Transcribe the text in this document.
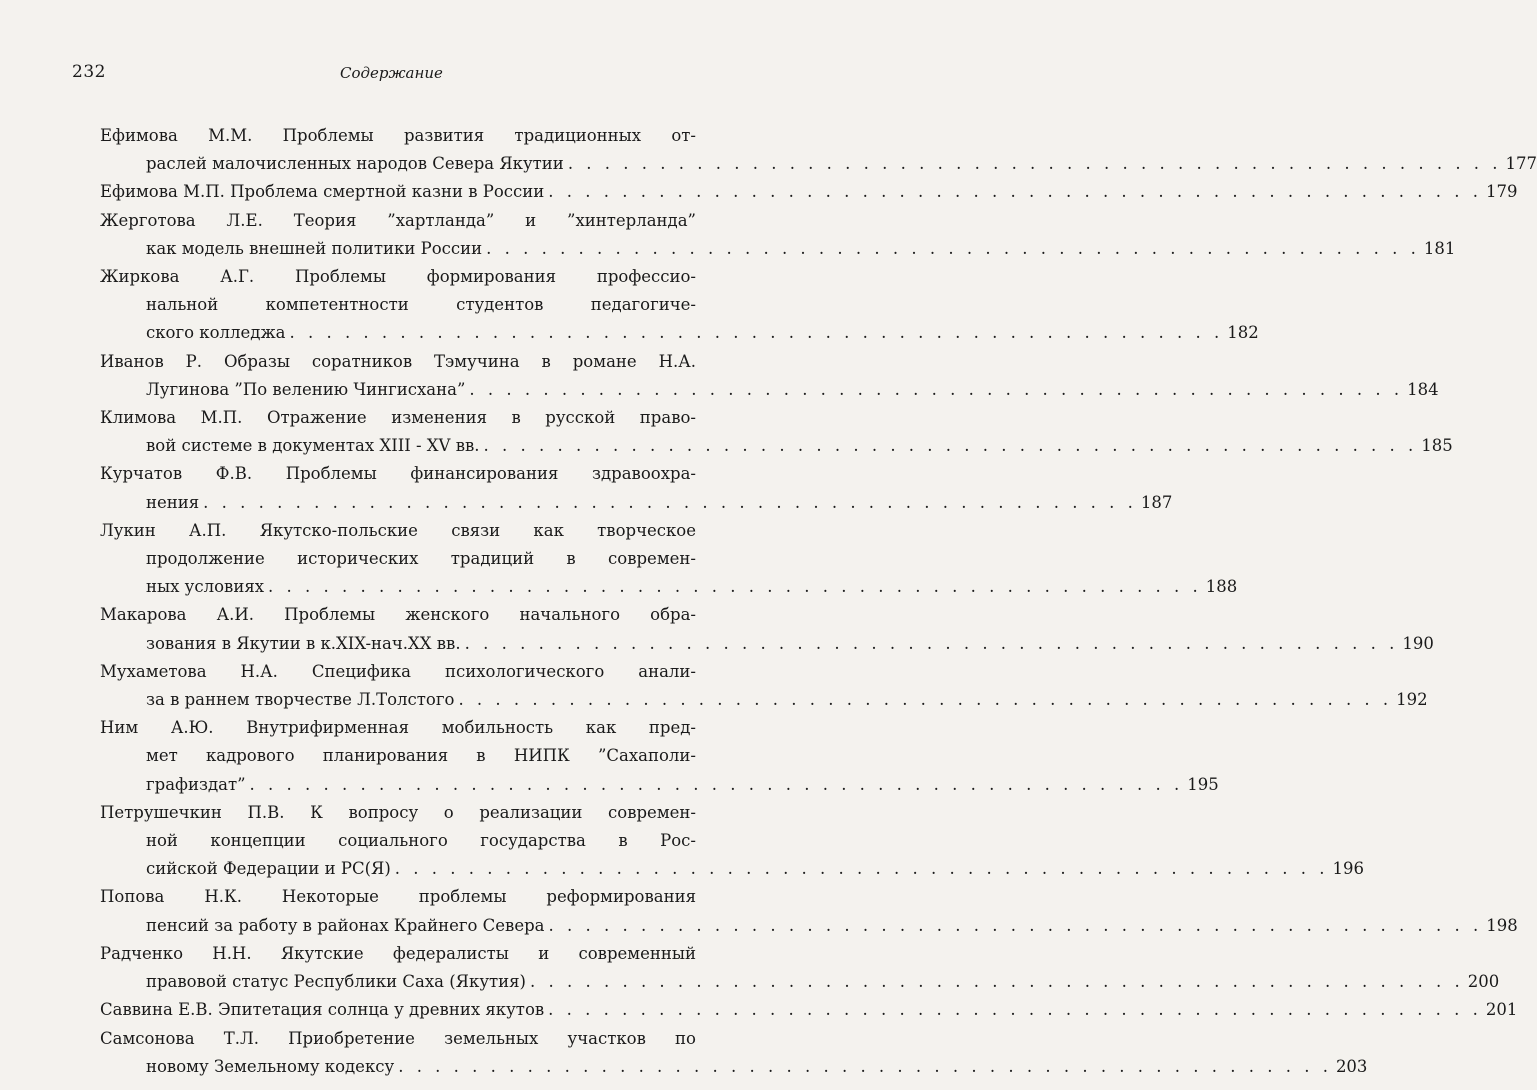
232	Содержание
Ефимова М.М. Проблемы развития традиционных от-
раслей малочисленных народов Севера Якутии . . . . . . . . . . . . . . . . . . . . . . . . . . . . . . . . . . . . . . . . . . . . . . . . . . . 177
Ефимова М.П. Проблема смертной казни в России . . . . . . . . . . . . . . . . . . . . . . . . . . . . . . . . . . . . . . . . . . . . . . . . . . . 179
Жерготова Л.Е. Теория ”хартланда” и ”хинтерланда”
как модель внешней политики России . . . . . . . . . . . . . . . . . . . . . . . . . . . . . . . . . . . . . . . . . . . . . . . . . . . 181
Жиркова А.Г. Проблемы формирования профессио-
нальной компетентности студентов педагогиче-
ского колледжа . . . . . . . . . . . . . . . . . . . . . . . . . . . . . . . . . . . . . . . . . . . . . . . . . . . 182
Иванов Р. Образы соратников Тэмучина в романе Н.А.
Лугинова ”По велению Чингисхана” . . . . . . . . . . . . . . . . . . . . . . . . . . . . . . . . . . . . . . . . . . . . . . . . . . . 184
Климова М.П. Отражение изменения в русской право-
вой системе в документах XIII - XV вв. . . . . . . . . . . . . . . . . . . . . . . . . . . . . . . . . . . . . . . . . . . . . . . . . . . . 185
Курчатов Ф.В. Проблемы финансирования здравоохра-
нения . . . . . . . . . . . . . . . . . . . . . . . . . . . . . . . . . . . . . . . . . . . . . . . . . . . 187
Лукин А.П. Якутско-польские связи как творческое
продолжение исторических традиций в современ-
ных условиях . . . . . . . . . . . . . . . . . . . . . . . . . . . . . . . . . . . . . . . . . . . . . . . . . . . 188
Макарова А.И. Проблемы женского начального обра-
зования в Якутии в к.XIX-нач.XX вв. . . . . . . . . . . . . . . . . . . . . . . . . . . . . . . . . . . . . . . . . . . . . . . . . . . . 190
Мухаметова Н.А. Специфика психологического анали-
за в раннем творчестве Л.Толстого . . . . . . . . . . . . . . . . . . . . . . . . . . . . . . . . . . . . . . . . . . . . . . . . . . . 192
Ним А.Ю. Внутрифирменная мобильность как пред-
мет кадрового планирования в НИПК ”Сахаполи-
графиздат” . . . . . . . . . . . . . . . . . . . . . . . . . . . . . . . . . . . . . . . . . . . . . . . . . . . 195
Петрушечкин П.В. К вопросу о реализации современ-
ной концепции социального государства в Рос-
сийской Федерации и РС(Я) . . . . . . . . . . . . . . . . . . . . . . . . . . . . . . . . . . . . . . . . . . . . . . . . . . . 196
Попова Н.К. Некоторые проблемы реформирования
пенсий за работу в районах Крайнего Севера . . . . . . . . . . . . . . . . . . . . . . . . . . . . . . . . . . . . . . . . . . . . . . . . . . . 198
Радченко Н.Н. Якутские федералисты и современный
правовой статус Республики Саха (Якутия) . . . . . . . . . . . . . . . . . . . . . . . . . . . . . . . . . . . . . . . . . . . . . . . . . . . 200
Саввина Е.В. Эпитетация солнца у древних якутов . . . . . . . . . . . . . . . . . . . . . . . . . . . . . . . . . . . . . . . . . . . . . . . . . . . 201
Самсонова Т.Л. Приобретение земельных участков по
новому Земельному кодексу . . . . . . . . . . . . . . . . . . . . . . . . . . . . . . . . . . . . . . . . . . . . . . . . . . . 203
